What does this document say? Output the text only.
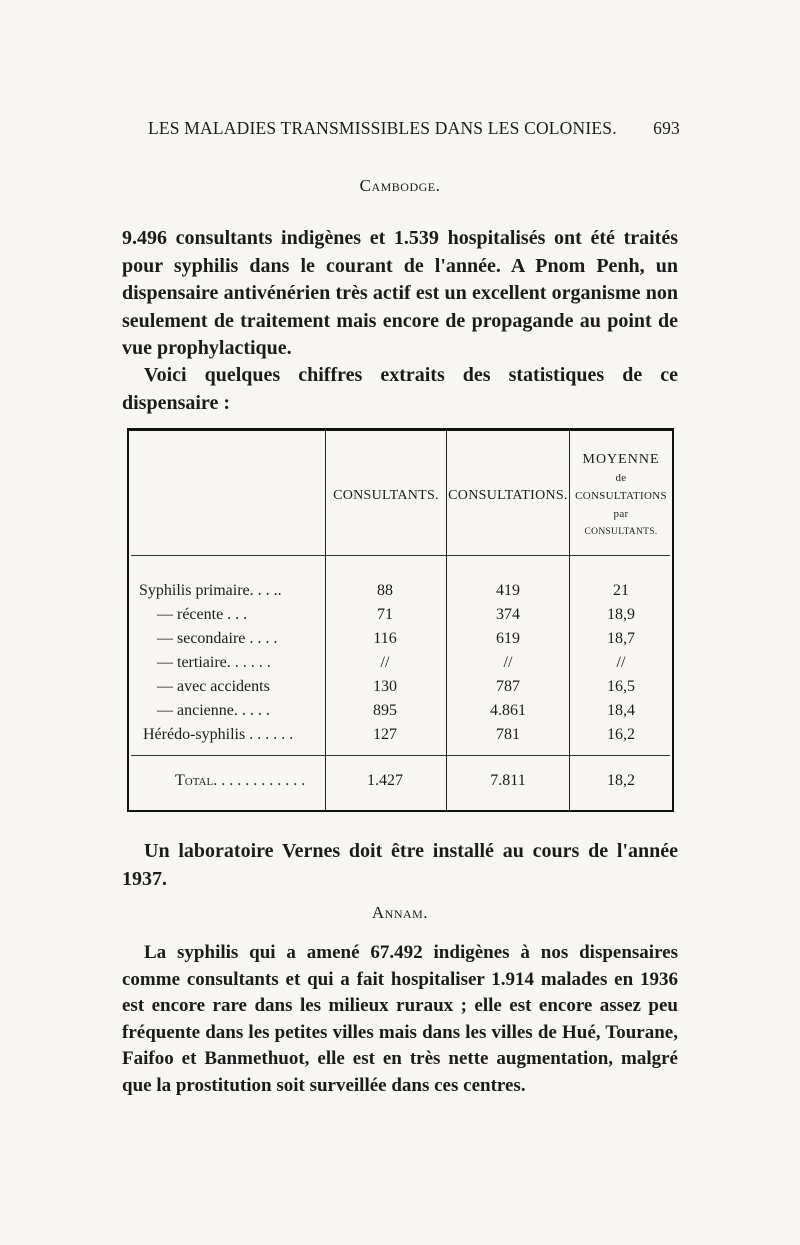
LES MALADIES TRANSMISSIBLES DANS LES COLONIES. 693
Cambodge.

9.496 consultants indigènes et 1.539 hospitalisés ont été traités pour syphilis dans le courant de l'année. A Pnom Penh, un dispensaire antivénérien très actif est un excellent organisme non seulement de traitement mais encore de propagande au point de vue prophylactique.

Voici quelques chiffres extraits des statistiques de ce dispensaire :

CONSULTANTS. CONSULTATIONS.
MOYENNE
de
CONSULTATIONS
par
CONSULTANTS.
Syphilis primaire. . . ..	88	419	21
— récente . . .	71	374	18,9
— secondaire . . . .	116	619	18,7
— tertiaire. . . . . .	//	//	//
— avec accidents	130	787	16,5
— ancienne. . . . .	895	4.861	18,4
Hérédo-syphilis . . . . . .	127	781	16,2
Total. . . . . . . . . . . .	1.427	7.811	18,2

Un laboratoire Vernes doit être installé au cours de l'année 1937.

Annam.

La syphilis qui a amené 67.492 indigènes à nos dispensaires comme consultants et qui a fait hospitaliser 1.914 malades en 1936 est encore rare dans les milieux ruraux ; elle est encore assez peu fréquente dans les petites villes mais dans les villes de Hué, Tourane, Faifoo et Banmethuot, elle est en très nette augmentation, malgré que la prostitution soit surveillée dans ces centres.
